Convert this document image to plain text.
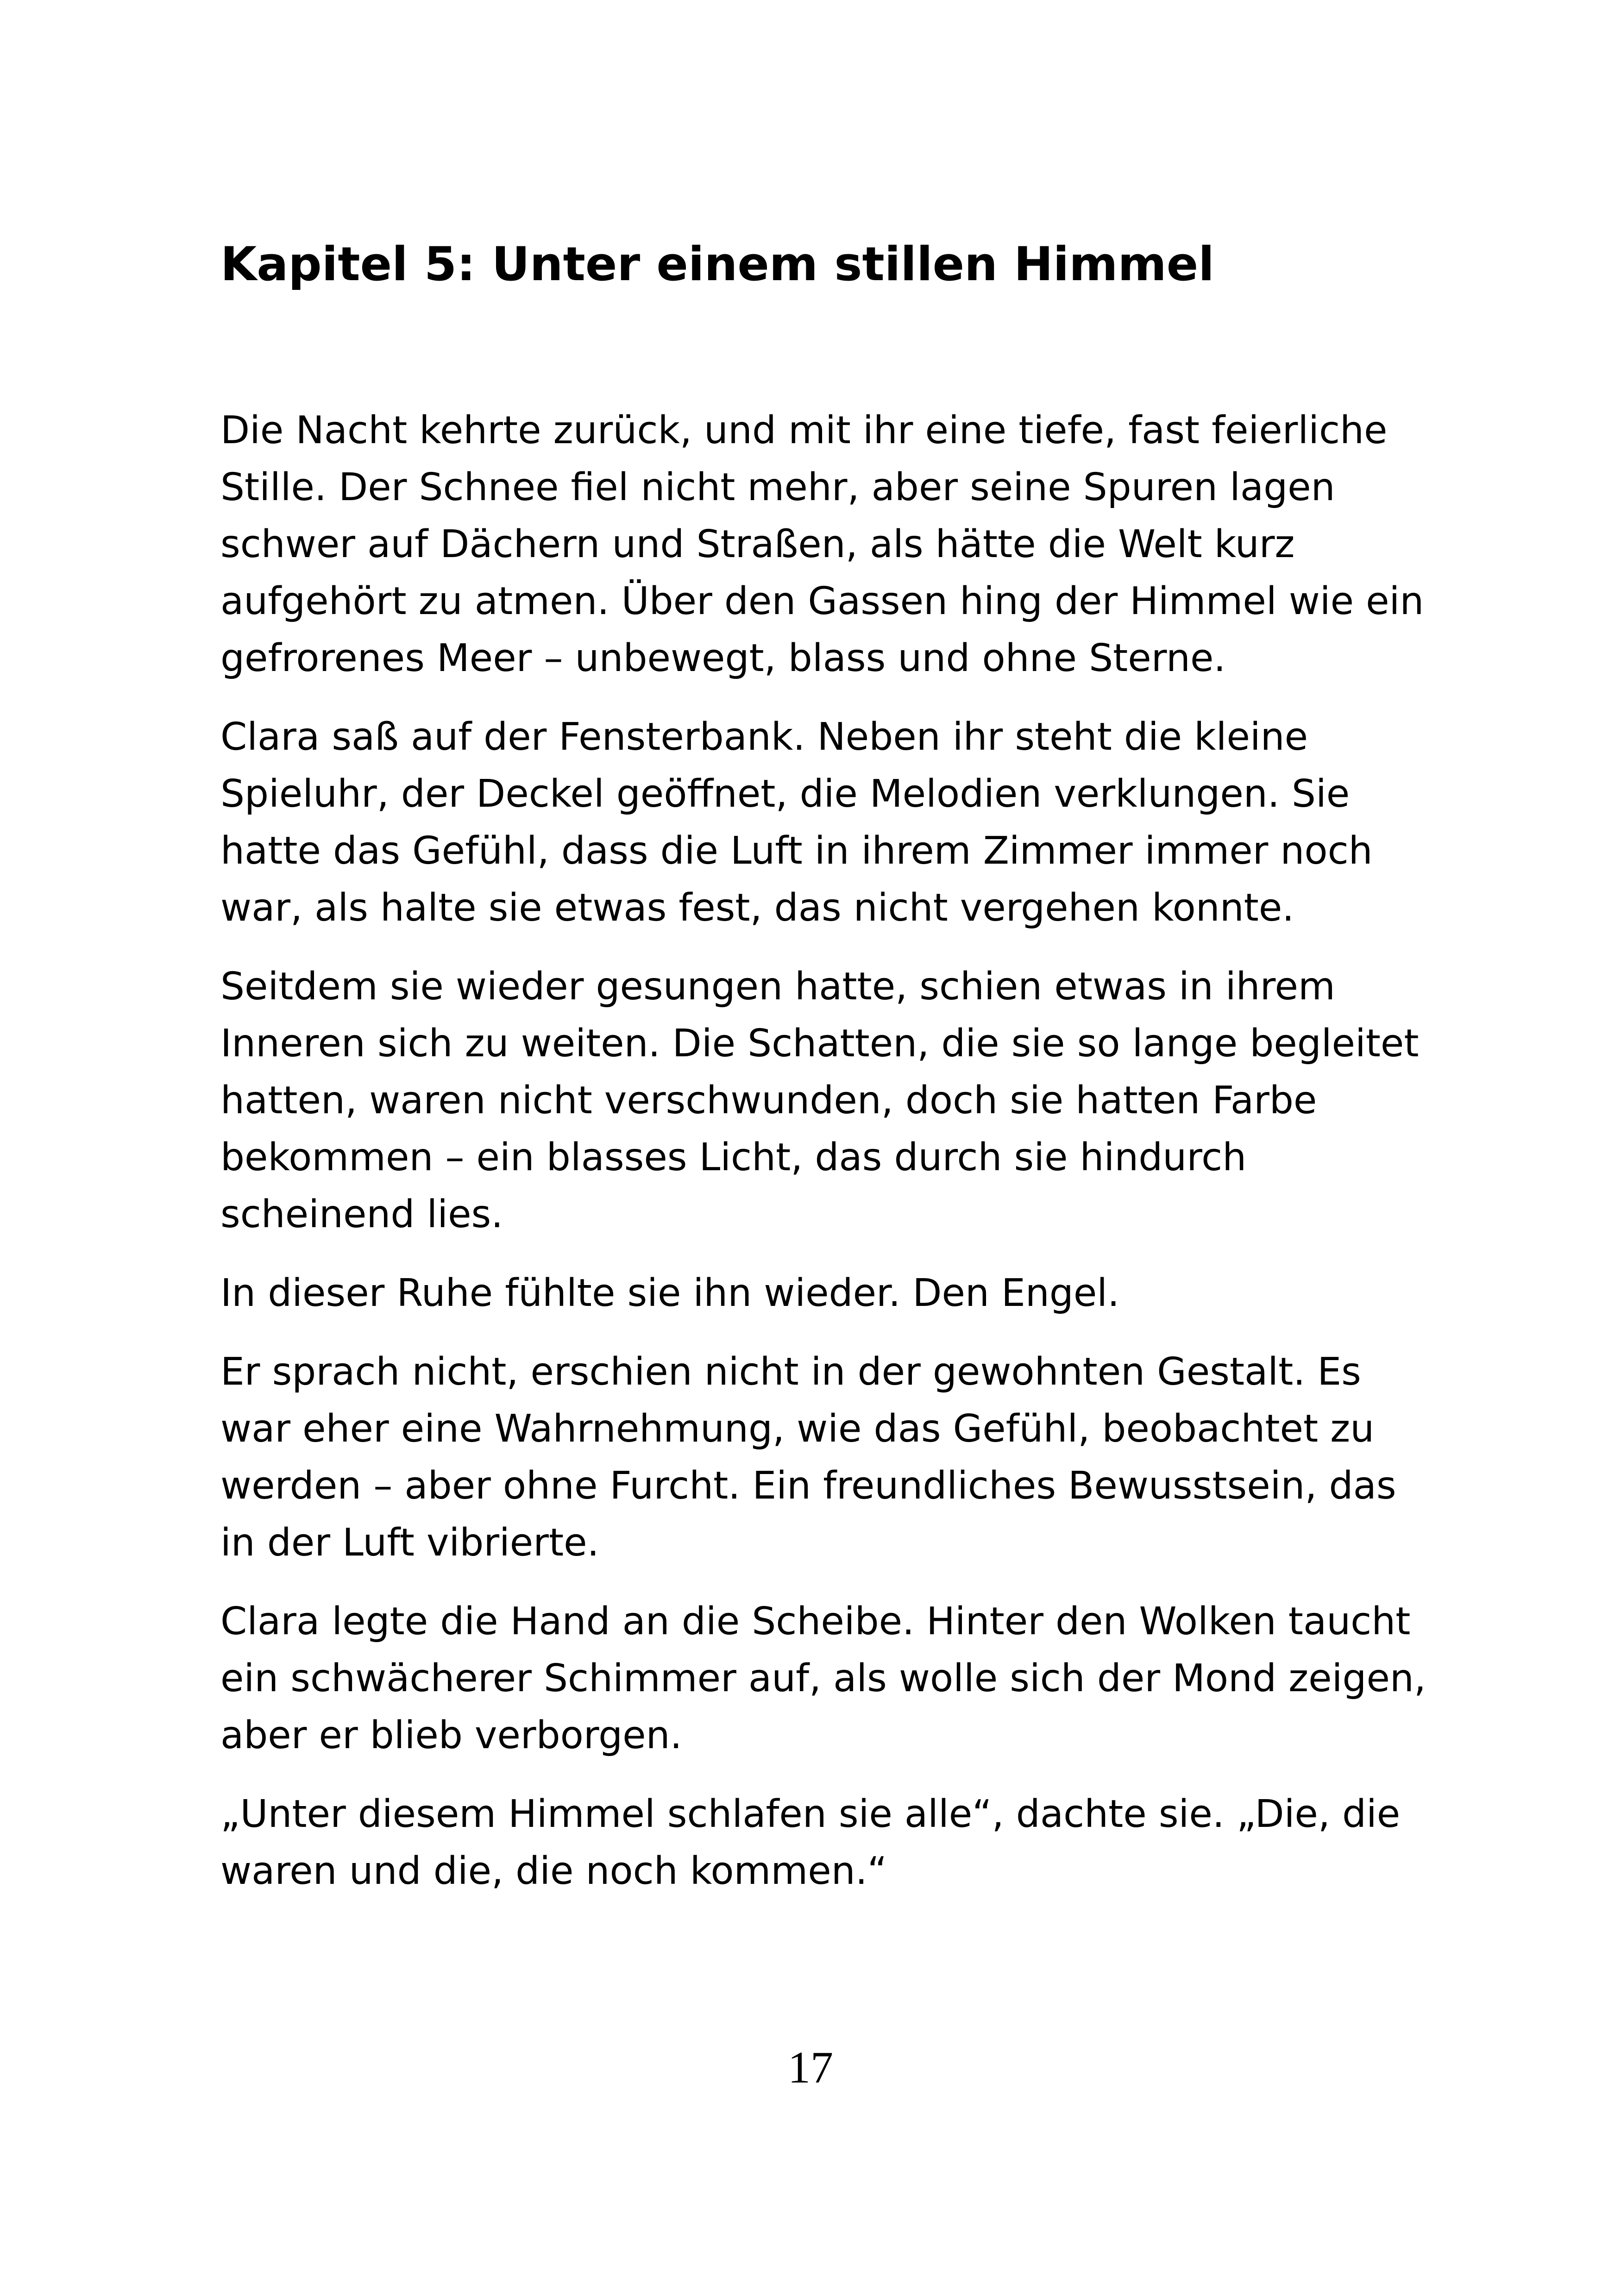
Kapitel 5: Unter einem stillen Himmel

Die Nacht kehrte zurück, und mit ihr eine tiefe, fast feierliche
Stille. Der Schnee fiel nicht mehr, aber seine Spuren lagen
schwer auf Dächern und Straßen, als hätte die Welt kurz
aufgehört zu atmen. Über den Gassen hing der Himmel wie ein
gefrorenes Meer – unbewegt, blass und ohne Sterne.

Clara saß auf der Fensterbank. Neben ihr steht die kleine
Spieluhr, der Deckel geöffnet, die Melodien verklungen. Sie
hatte das Gefühl, dass die Luft in ihrem Zimmer immer noch
war, als halte sie etwas fest, das nicht vergehen konnte.

Seitdem sie wieder gesungen hatte, schien etwas in ihrem
Inneren sich zu weiten. Die Schatten, die sie so lange begleitet
hatten, waren nicht verschwunden, doch sie hatten Farbe
bekommen – ein blasses Licht, das durch sie hindurch
scheinend lies.

In dieser Ruhe fühlte sie ihn wieder. Den Engel.

Er sprach nicht, erschien nicht in der gewohnten Gestalt. Es
war eher eine Wahrnehmung, wie das Gefühl, beobachtet zu
werden – aber ohne Furcht. Ein freundliches Bewusstsein, das
in der Luft vibrierte.

Clara legte die Hand an die Scheibe. Hinter den Wolken taucht
ein schwächerer Schimmer auf, als wolle sich der Mond zeigen,
aber er blieb verborgen.

„Unter diesem Himmel schlafen sie alle“, dachte sie. „Die, die
waren und die, die noch kommen.“

17
